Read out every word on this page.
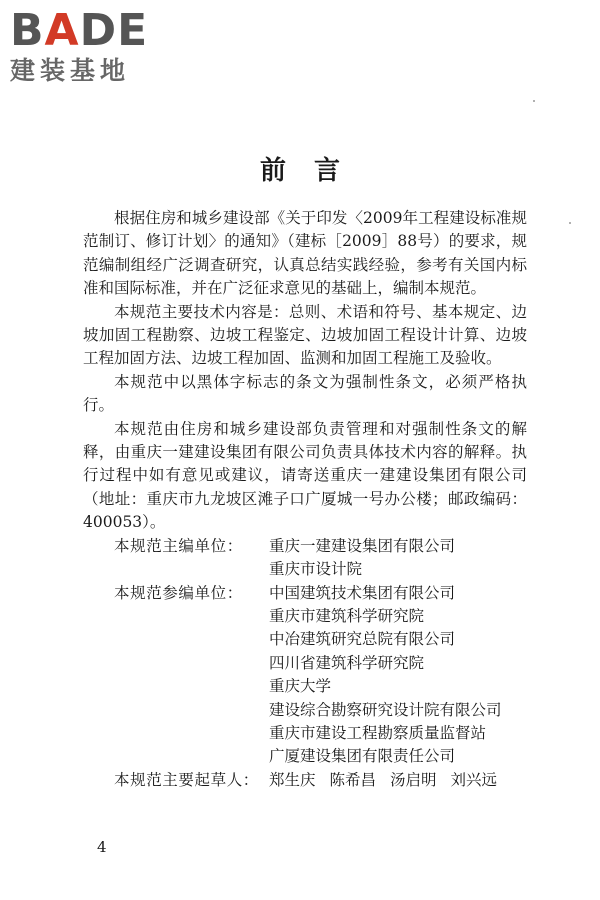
BADE
建装基地
前言

根据住房和城乡建设部《关于印发〈2009年工程建设标准规范制订、修订计划〉的通知》（建标［2009］88号）的要求，规范编制组经广泛调查研究，认真总结实践经验，参考有关国内标准和国际标准，并在广泛征求意见的基础上，编制本规范。

本规范主要技术内容是：总则、术语和符号、基本规定、边坡加固工程勘察、边坡工程鉴定、边坡加固工程设计计算、边坡工程加固方法、边坡工程加固、监测和加固工程施工及验收。

本规范中以黑体字标志的条文为强制性条文，必须严格执行。

本规范由住房和城乡建设部负责管理和对强制性条文的解释，由重庆一建建设集团有限公司负责具体技术内容的解释。执行过程中如有意见或建议，请寄送重庆一建建设集团有限公司（地址：重庆市九龙坡区滩子口广厦城一号办公楼；邮政编码：400053）。

本规范主编单位：	重庆一建建设集团有限公司
重庆市设计院
本规范参编单位：	中国建筑技术集团有限公司
重庆市建筑科学研究院
中冶建筑研究总院有限公司
四川省建筑科学研究院
重庆大学
建设综合勘察研究设计院有限公司
重庆市建设工程勘察质量监督站
广厦建设集团有限责任公司
本规范主要起草人： 郑生庆 陈希昌 汤启明 刘兴远
4
